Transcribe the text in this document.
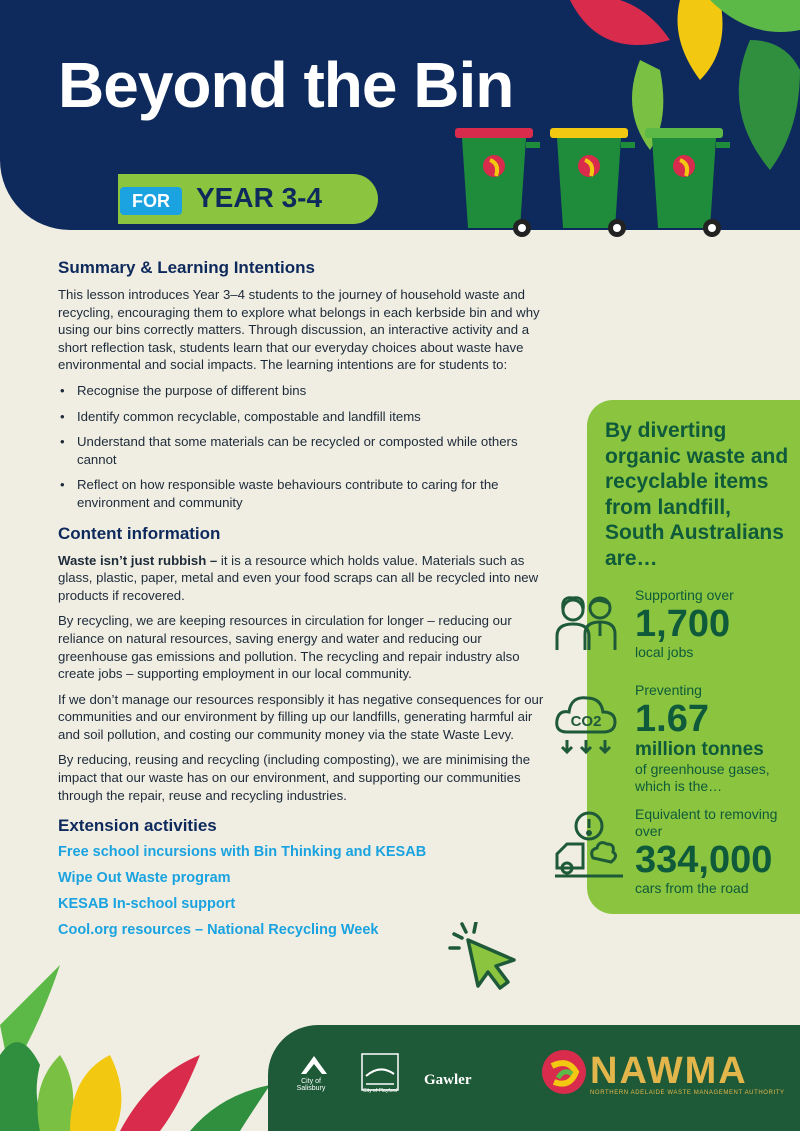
Beyond the Bin
FOR YEAR 3-4
Summary & Learning Intentions

This lesson introduces Year 3–4 students to the journey of household waste and recycling, encouraging them to explore what belongs in each kerbside bin and why using our bins correctly matters. Through discussion, an interactive activity and a short reflection task, students learn that our everyday choices about waste have environmental and social impacts. The learning intentions are for students to:

• Recognise the purpose of different bins
• Identify common recyclable, compostable and landfill items
• Understand that some materials can be recycled or composted while others cannot
• Reflect on how responsible waste behaviours contribute to caring for the environment and community
Content information

Waste isn’t just rubbish – it is a resource which holds value. Materials such as glass, plastic, paper, metal and even your food scraps can all be recycled into new products if recovered.

By recycling, we are keeping resources in circulation for longer – reducing our reliance on natural resources, saving energy and water and reducing our greenhouse gas emissions and pollution. The recycling and repair industry also create jobs – supporting employment in our local community.

If we don’t manage our resources responsibly it has negative consequences for our communities and our environment by filling up our landfills, generating harmful air and soil pollution, and costing our community money via the state Waste Levy.

By reducing, reusing and recycling (including composting), we are minimising the impact that our waste has on our environment, and supporting our communities through the repair, reuse and recycling industries.

Extension activities
Free school incursions with Bin Thinking and KESAB
Wipe Out Waste program
KESAB In-school support
Cool.org resources – National Recycling Week
By diverting organic waste and recyclable items from landfill, South Australians are…
Supporting over
1,700
local jobs
CO2
Preventing
1.67
million tonnes
of greenhouse gases, which is the…
Equivalent to removing over
334,000
cars from the road
City of Salisbury	City of Playford
Gawler	NAWMA
NORTHERN ADELAIDE WASTE MANAGEMENT AUTHORITY
